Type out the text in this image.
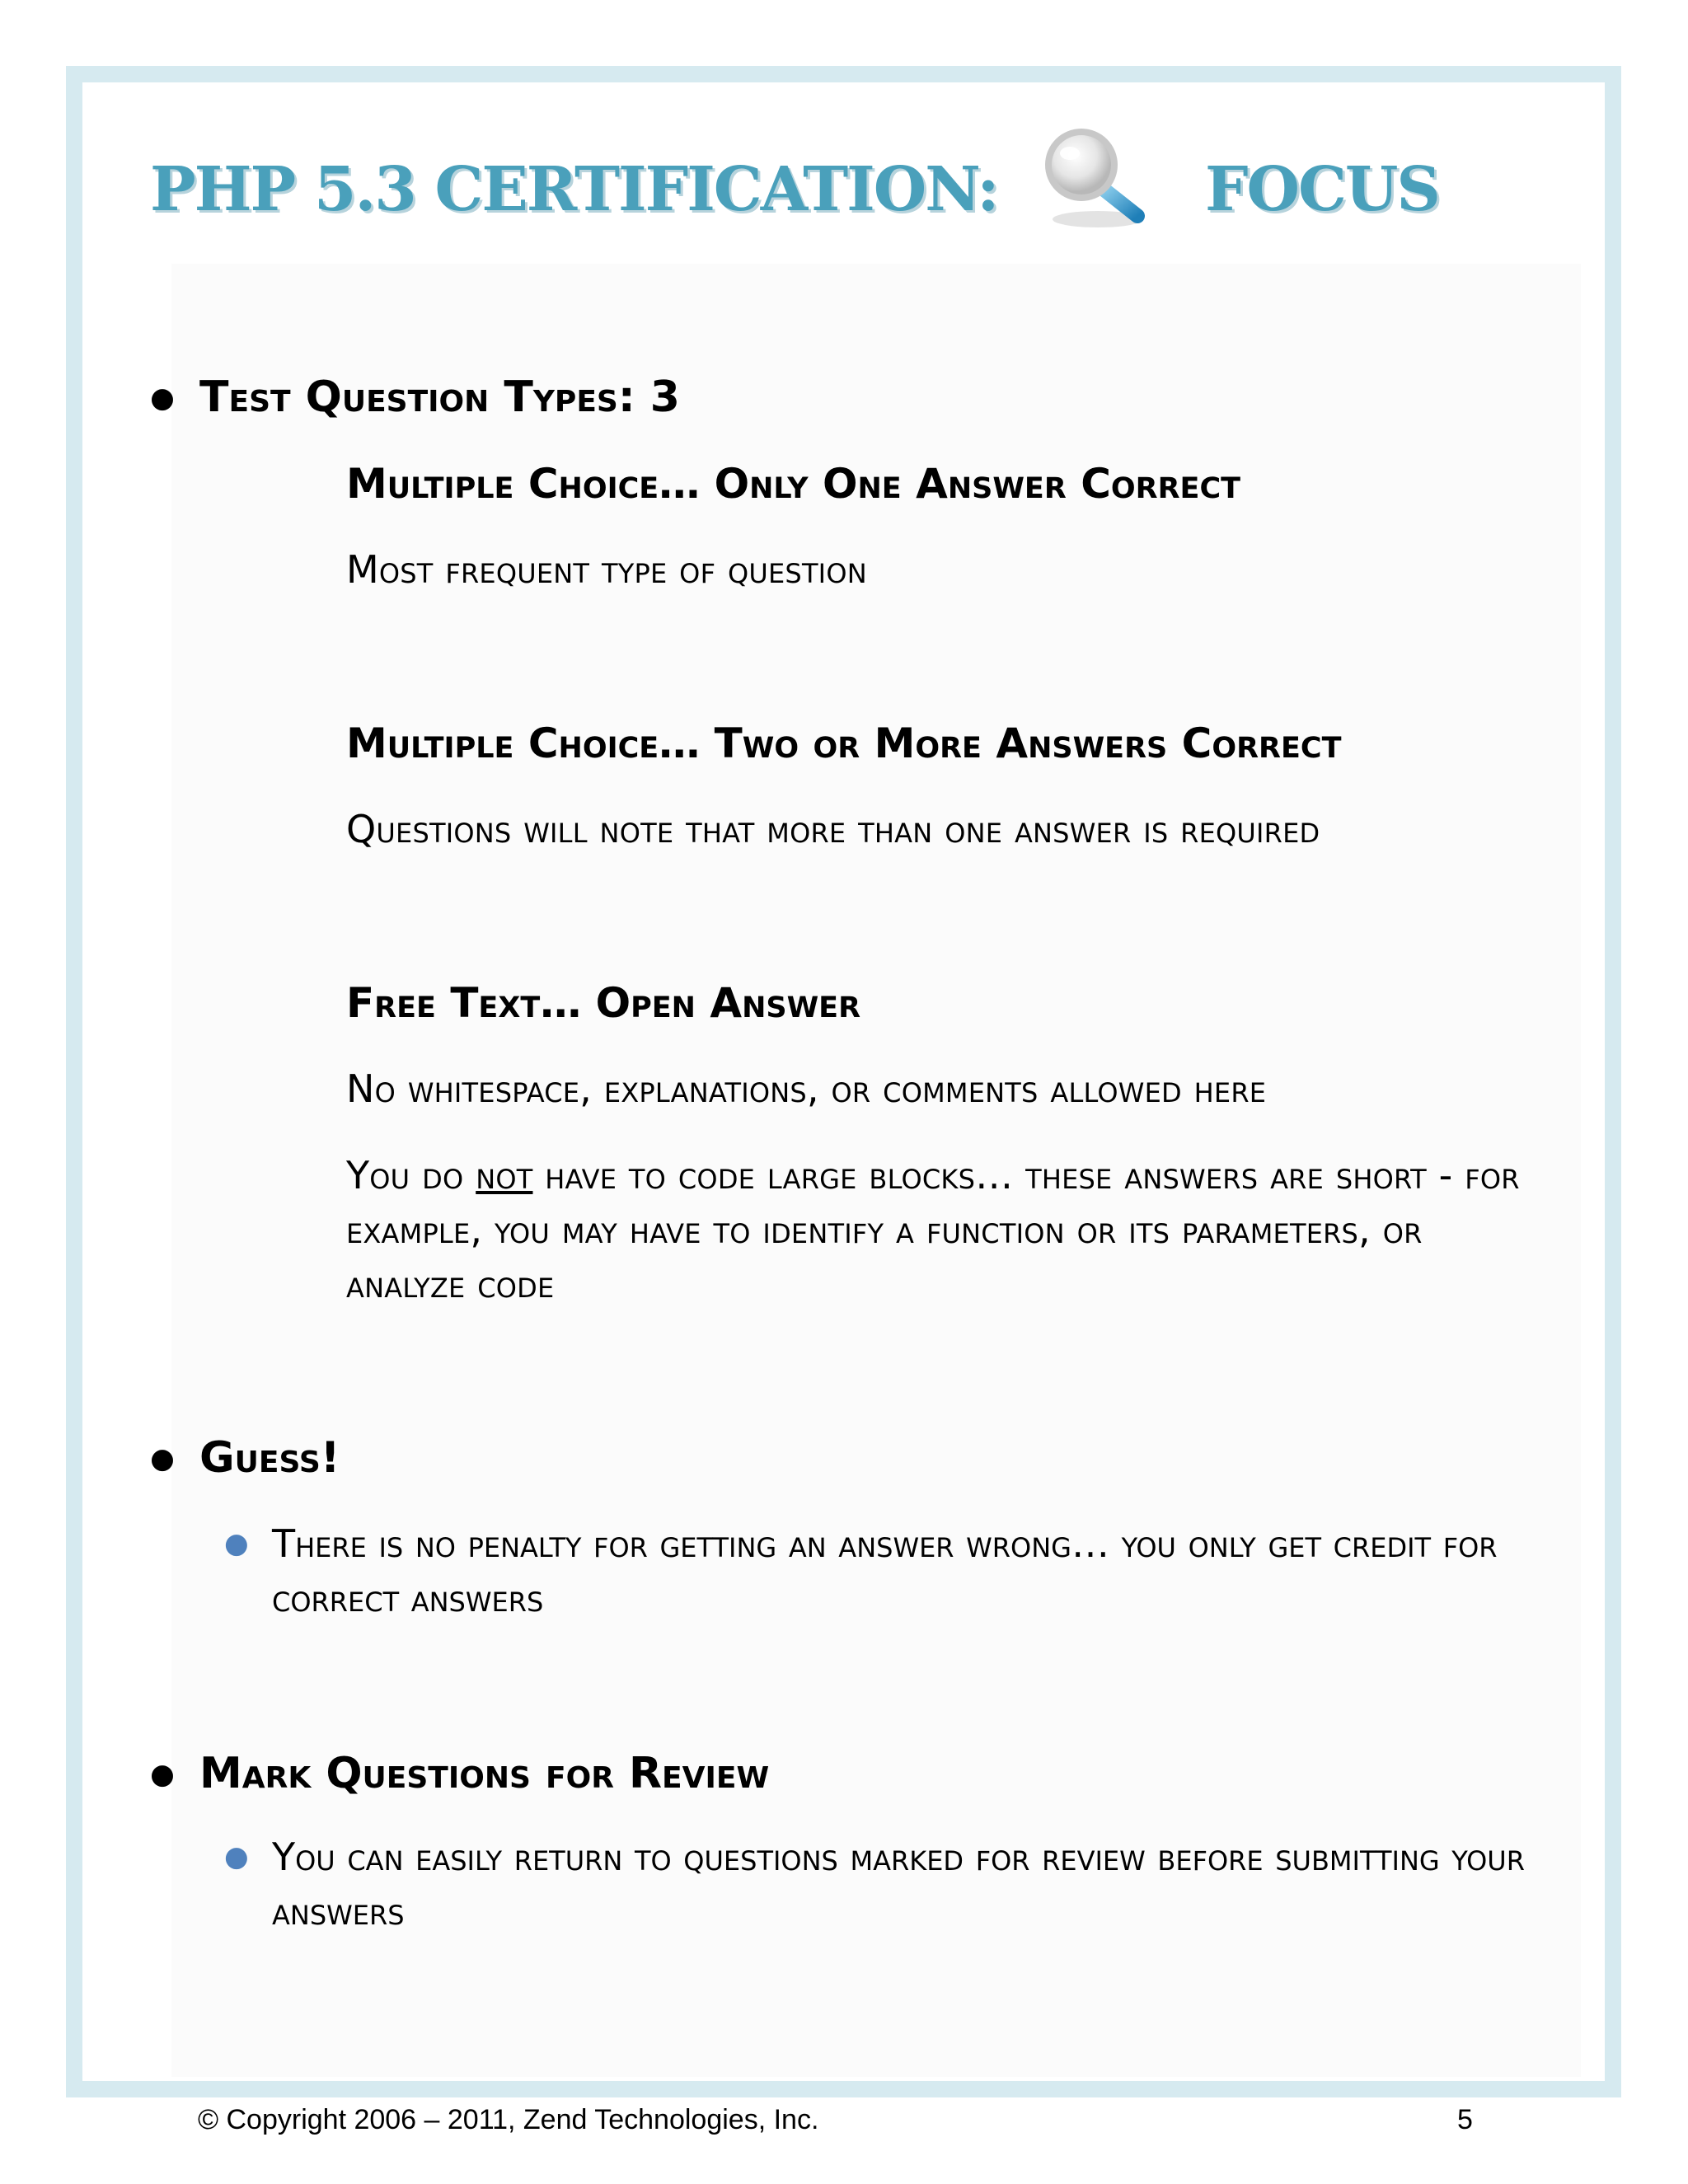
PHP 5.3 CERTIFICATION:	FOCUS
● Test Question Types: 3
Multiple Choice… Only One Answer Correct
Most frequent type of question
Multiple Choice… Two or More Answers Correct
Questions will note that more than one answer is required
Free Text… Open Answer
No whitespace, explanations, or comments allowed here
You do not have to code large blocks… these answers are short - for example, you may have to identify a function or its parameters, or analyze code
● Guess!
● There is no penalty for getting an answer wrong… you only get credit for correct answers
● Mark Questions for Review
● You can easily return to questions marked for review before submitting your answers
© Copyright 2006 – 2011, Zend Technologies, Inc.	5
